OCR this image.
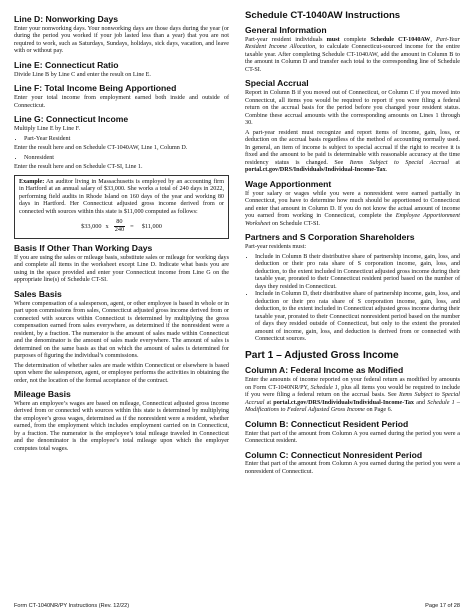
Line D: Nonworking Days

Enter your nonworking days. Your nonworking days are those days during the year (or during the period you worked if your job lasted less than a year) that you are not required to work, such as Saturdays, Sundays, holidays, sick days, vacation, and leave with or without pay.

Line E: Connecticut Ratio

Divide Line B by Line C and enter the result on Line E.

Line F: Total Income Being Apportioned

Enter your total income from employment earned both inside and outside of Connecticut.

Line G: Connecticut Income

Multiply Line E by Line F.

• Part-Year Resident

Enter the result here and on Schedule CT-1040AW, Line 1, Column D.

• Nonresident

Enter the result here and on Schedule CT-SI, Line 1.

Example: An auditor living in Massachusetts is employed by an accounting firm in Hartford at an annual salary of $33,000. She works a total of 240 days in 2022, performing field audits in Rhode Island on 160 days of the year and working 80 days in Hartford. Her Connecticut adjusted gross income derived from or connected with sources within this state is $11,000 computed as follows:

$33,000 x $\frac{80}{240}$ = $11,000
Basis If Other Than Working Days

If you are using the sales or mileage basis, substitute sales or mileage for working days and complete all items in the worksheet except Line D. Indicate what basis you are using in the space provided and enter your Connecticut income from Line G on the appropriate line(s) of Schedule CT-SI.

Sales Basis

Where compensation of a salesperson, agent, or other employee is based in whole or in part upon commissions from sales, Connecticut adjusted gross income derived from or connected with sources within Connecticut is determined by multiplying the gross compensation earned from sales everywhere, as determined if the nonresident were a resident, by a fraction. The numerator is the amount of sales made within Connecticut and the denominator is the amount of sales made everywhere. The amount of sales is determined on the same basis as that on which the amount of sales is determined for purposes of figuring the individual’s commissions.

The determination of whether sales are made within Connecticut or elsewhere is based upon where the salesperson, agent, or employee performs the activities in obtaining the order, not the location of the formal acceptance of the contract.

Mileage Basis

Where an employee’s wages are based on mileage, Connecticut adjusted gross income derived from or connected with sources within this state is determined by multiplying the employee’s gross wages, determined as if the nonresident were a resident, whether earned, from the employment which includes employment carried on in Connecticut, by a fraction. The numerator is the employee’s total mileage traveled in Connecticut and the denominator is the employee’s total mileage upon which the employer computes total wages.

Schedule CT-1040AW Instructions
General Information

Part-year resident individuals must complete Schedule CT-1040AW, Part-Year Resident Income Allocation, to calculate Connecticut-sourced income for the entire taxable year. After completing Schedule CT-1040AW, add the amount in Column B to the amount in Column D and transfer each total to the corresponding line of Schedule CT-SI.

Special Accrual

Report in Column B if you moved out of Connecticut, or Column C if you moved into Connecticut, all items you would be required to report if you were filing a federal return on the accrual basis for the period before you changed your resident status. Combine these accrual amounts with the corresponding amounts on Lines 1 through 30.

A part-year resident must recognize and report items of income, gain, loss, or deduction on the accrual basis regardless of the method of accounting normally used. In general, an item of income is subject to special accrual if the right to receive it is fixed and the amount to be paid is determinable with reasonable accuracy at the time residency status is changed. See Items Subject to Special Accrual at portal.ct.gov/DRS/Individuals/Individual-Income-Tax.

Wage Apportionment

If your salary or wages while you were a nonresident were earned partially in Connecticut, you have to determine how much should be apportioned to Connecticut and enter that amount in Column D. If you do not know the actual amount of income you earned from working in Connecticut, complete the Employee Apportionment Worksheet on Schedule CT-SI.

Partners and S Corporation Shareholders

Part-year residents must:

• Include in Column B their distributive share of partnership income, gain, loss, and deduction or their pro rata share of S corporation income, gain, loss, and deduction, to the extent included in Connecticut adjusted gross income during their taxable year, prorated to their Connecticut resident period based on the number of days they resided in Connecticut.
• Include in Column D, their distributive share of partnership income, gain, loss, and deduction or their pro rata share of S corporation income, gain, loss, and deduction, to the extent included in Connecticut adjusted gross income during their taxable year, prorated to their Connecticut nonresident period based on the number of days they resided outside of Connecticut, but only to the extent the prorated amount of income, gain, loss, and deduction is derived from or connected with Connecticut sources.
Part 1 – Adjusted Gross Income
Column A: Federal Income as Modified

Enter the amounts of income reported on your federal return as modified by amounts on Form CT-1040NR/PY, Schedule 1, plus all items you would be required to include if you were filing a federal return on the accrual basis. See Items Subject to Special Accrual at portal.ct.gov/DRS/Individuals/Individual-Income-Tax and Schedule 1 – Modifications to Federal Adjusted Gross Income on Page 6.

Column B: Connecticut Resident Period

Enter that part of the amount from Column A you earned during the period you were a Connecticut resident.

Column C: Connecticut Nonresident Period

Enter that part of the amount from Column A you earned during the period you were a nonresident of Connecticut.

Form CT-1040NR/PY Instructions (Rev. 12/22)	Page 17 of 28
